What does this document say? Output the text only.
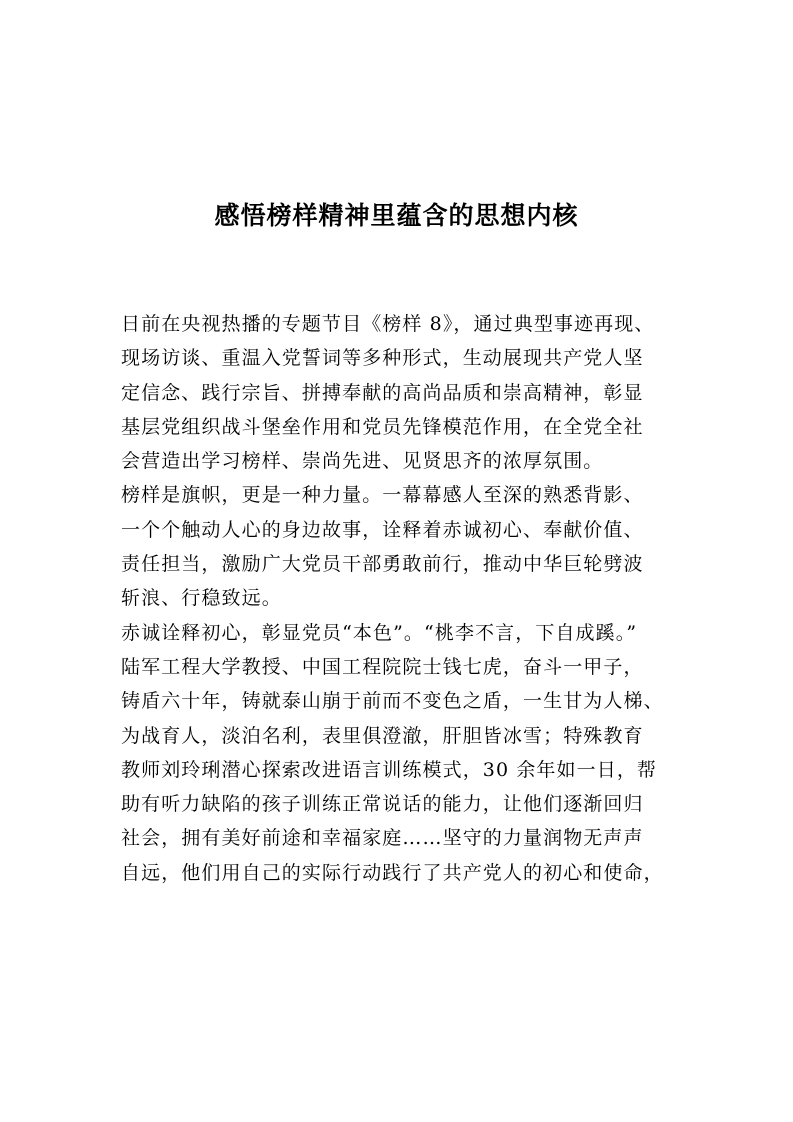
感悟榜样精神里蕴含的思想内核
日前在央视热播的专题节目《榜样 8》，通过典型事迹再现、
现场访谈、重温入党誓词等多种形式，生动展现共产党人坚
定信念、践行宗旨、拼搏奉献的高尚品质和崇高精神，彰显
基层党组织战斗堡垒作用和党员先锋模范作用，在全党全社
会营造出学习榜样、崇尚先进、见贤思齐的浓厚氛围。
榜样是旗帜，更是一种力量。一幕幕感人至深的熟悉背影、
一个个触动人心的身边故事，诠释着赤诚初心、奉献价值、
责任担当，激励广大党员干部勇敢前行，推动中华巨轮劈波
斩浪、行稳致远。
赤诚诠释初心，彰显党员“本色”。“桃李不言，下自成蹊。”
陆军工程大学教授、中国工程院院士钱七虎，奋斗一甲子，
铸盾六十年，铸就泰山崩于前而不变色之盾，一生甘为人梯、
为战育人，淡泊名利，表里俱澄澈，肝胆皆冰雪；特殊教育
教师刘玲琍潜心探索改进语言训练模式，30 余年如一日，帮
助有听力缺陷的孩子训练正常说话的能力，让他们逐渐回归
社会，拥有美好前途和幸福家庭……坚守的力量润物无声声
自远，他们用自己的实际行动践行了共产党人的初心和使命，
